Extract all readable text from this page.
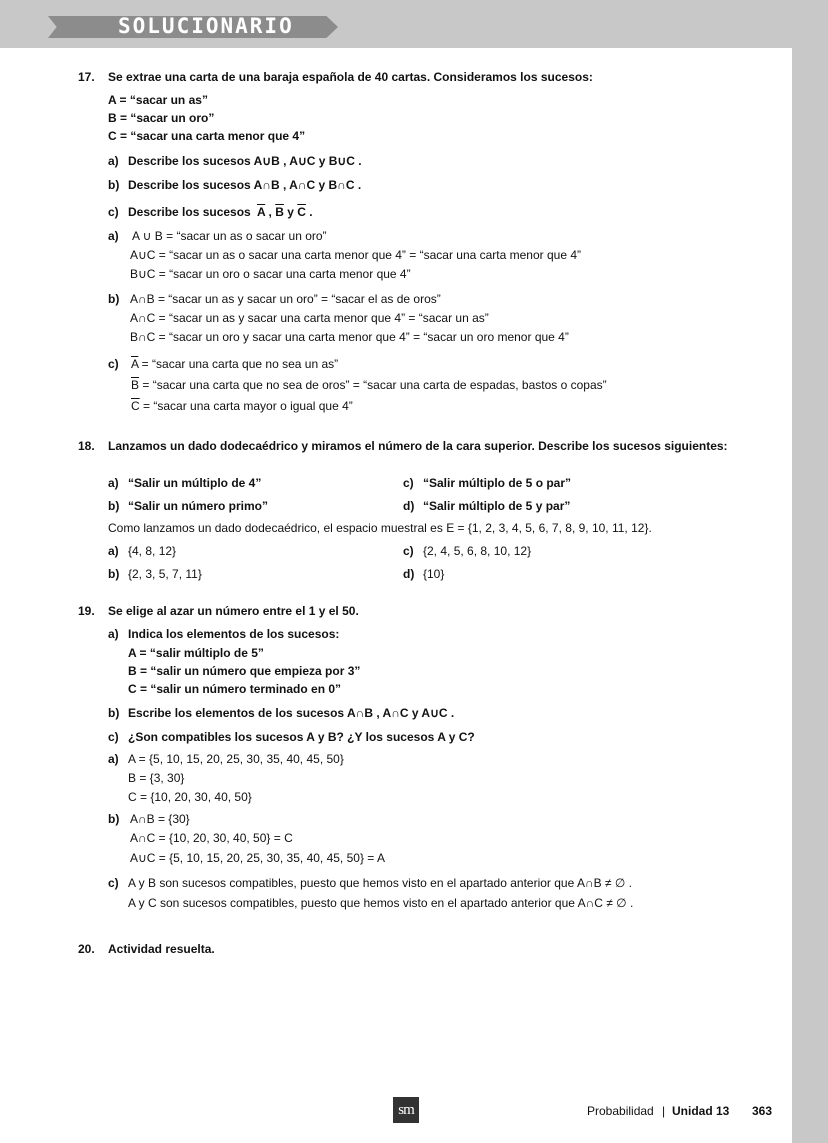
SOLUCIONARIO
17. Se extrae una carta de una baraja española de 40 cartas. Consideramos los sucesos:
A = “sacar un as”
B = “sacar un oro”
C = “sacar una carta menor que 4”
a) Describe los sucesos A∪B , A∪C y B∪C .
b) Describe los sucesos A∩B , A∩C y B∩C .
c) Describe los sucesos $\overline{A}$ , $\overline{B}$ y $\overline{C}$ .
a) A ∪ B = “sacar un as o sacar un oro”
A∪C = “sacar un as o sacar una carta menor que 4” = “sacar una carta menor que 4”
B∪C = “sacar un oro o sacar una carta menor que 4”
b) A∩B = “sacar un as y sacar un oro” = “sacar el as de oros”
A∩C = “sacar un as y sacar una carta menor que 4” = “sacar un as”
B∩C = “sacar un oro y sacar una carta menor que 4” = “sacar un oro menor que 4”
c) $\overline{A}$ = “sacar una carta que no sea un as”
$\overline{B}$ = “sacar una carta que no sea de oros” = “sacar una carta de espadas, bastos o copas”
$\overline{C}$ = “sacar una carta mayor o igual que 4”
18. Lanzamos un dado dodecaédrico y miramos el número de la cara superior. Describe los sucesos siguientes:
a) “Salir un múltiplo de 4”
b) “Salir un número primo”
c) “Salir múltiplo de 5 o par”
d) “Salir múltiplo de 5 y par”
Como lanzamos un dado dodecaédrico, el espacio muestral es E = {1, 2, 3, 4, 5, 6, 7, 8, 9, 10, 11, 12}.
a) {4, 8, 12}
b) {2, 3, 5, 7, 11}
c) {2, 4, 5, 6, 8, 10, 12}
d) {10}
19. Se elige al azar un número entre el 1 y el 50.
a) Indica los elementos de los sucesos:
A = “salir múltiplo de 5”
B = “salir un número que empieza por 3”
C = “salir un número terminado en 0”
b) Escribe los elementos de los sucesos A∩B , A∩C y A∪C .
c) ¿Son compatibles los sucesos A y B? ¿Y los sucesos A y C?
a) A = {5, 10, 15, 20, 25, 30, 35, 40, 45, 50}
B = {3, 30}
C = {10, 20, 30, 40, 50}
b) A∩B = {30}
A∩C = {10, 20, 30, 40, 50} = C
A∪C = {5, 10, 15, 20, 25, 30, 35, 40, 45, 50} = A
c) A y B son sucesos compatibles, puesto que hemos visto en el apartado anterior que A∩B ≠ ∅ .
A y C son sucesos compatibles, puesto que hemos visto en el apartado anterior que A∩C ≠ ∅ .
20. Actividad resuelta.
sm	Probabilidad | Unidad 13 363
